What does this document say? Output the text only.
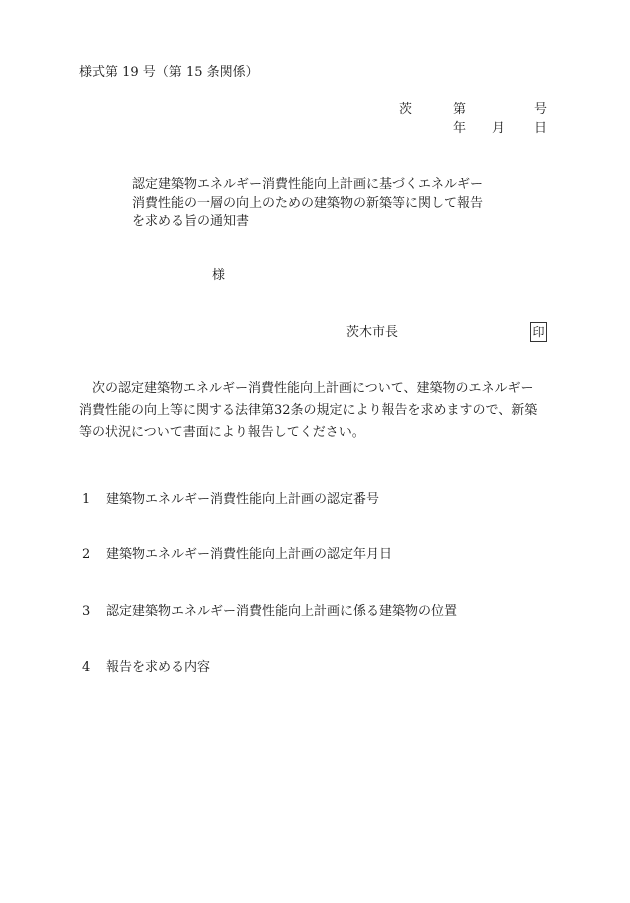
様式第 19 号（第 15 条関係）
茨	第	号
年 月 日
認定建築物エネルギー消費性能向上計画に基づくエネルギー
消費性能の一層の向上のための建築物の新築等に関して報告
を求める旨の通知書
様
茨木市長	印

次の認定建築物エネルギー消費性能向上計画について、建築物のエネルギー

消費性能の向上等に関する法律第32条の規定により報告を求めますので、新築

等の状況について書面により報告してください。

1 建築物エネルギー消費性能向上計画の認定番号
2 建築物エネルギー消費性能向上計画の認定年月日
3 認定建築物エネルギー消費性能向上計画に係る建築物の位置
4 報告を求める内容
